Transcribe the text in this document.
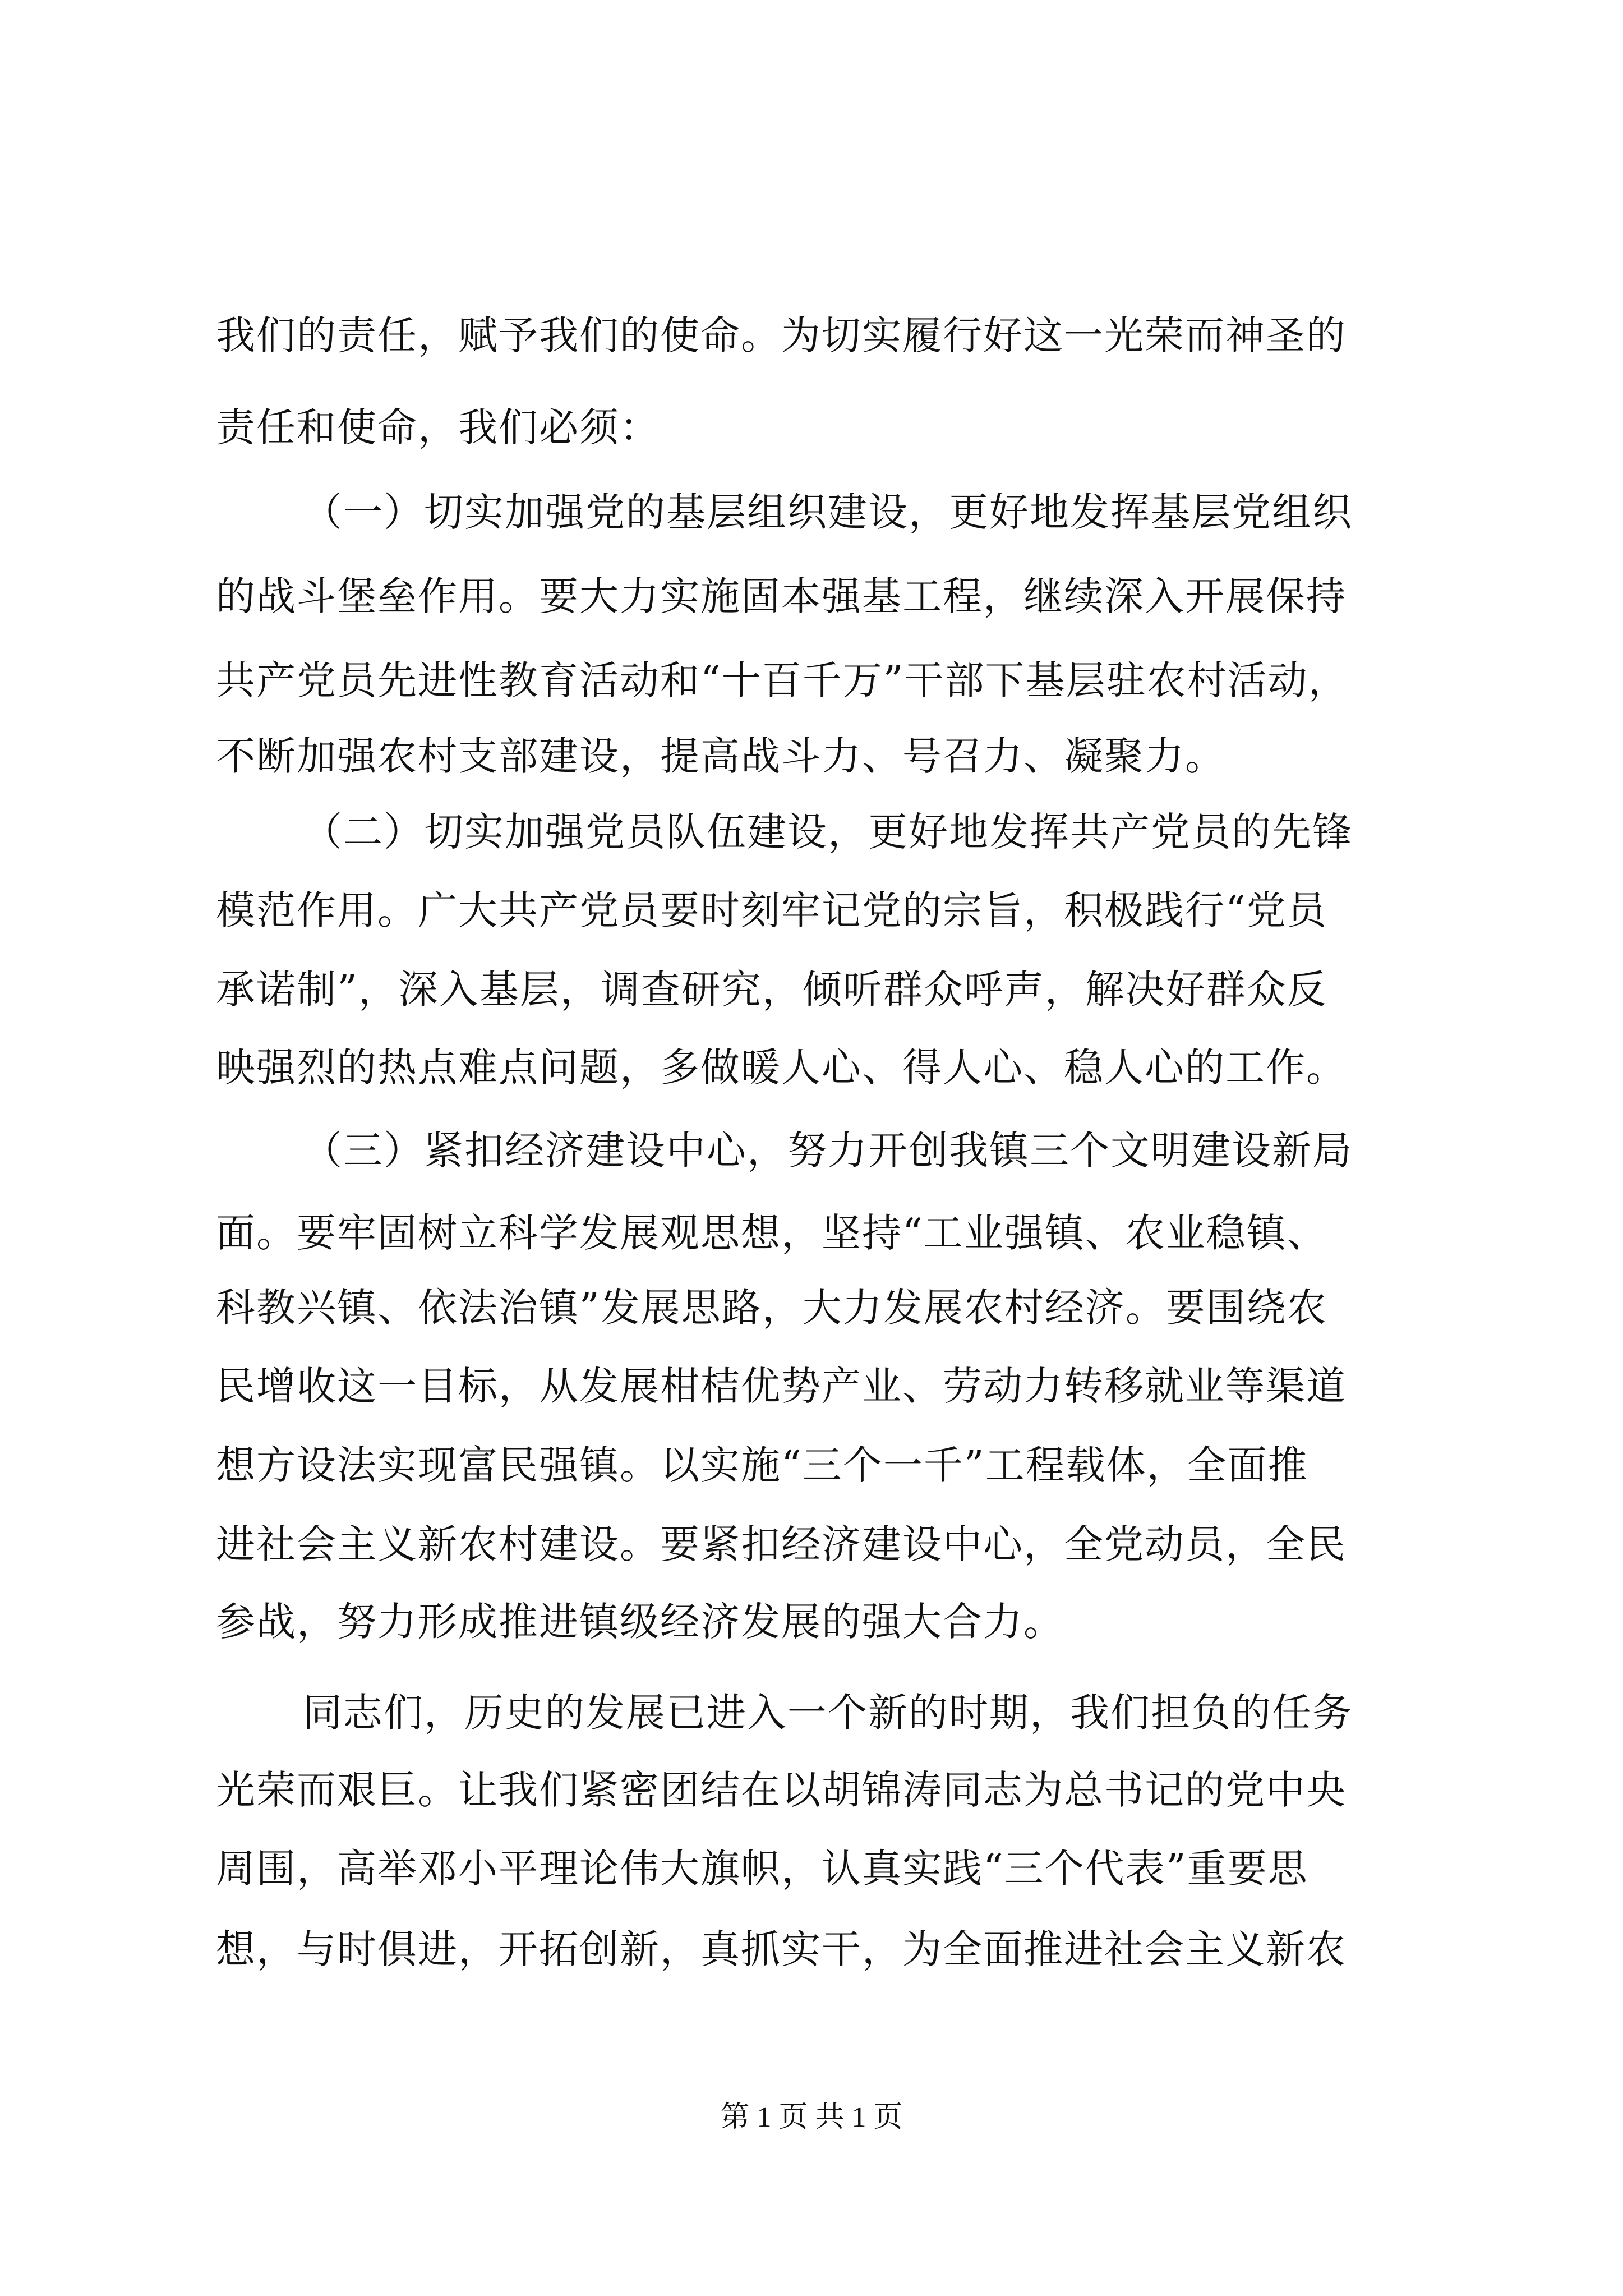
我们的责任，赋予我们的使命。为切实履行好这一光荣而神圣的
责任和使命，我们必须：
（一）切实加强党的基层组织建设，更好地发挥基层党组织
的战斗堡垒作用。要大力实施固本强基工程，继续深入开展保持
共产党员先进性教育活动和“十百千万”干部下基层驻农村活动，
不断加强农村支部建设，提高战斗力、号召力、凝聚力。
（二）切实加强党员队伍建设，更好地发挥共产党员的先锋
模范作用。广大共产党员要时刻牢记党的宗旨，积极践行“党员
承诺制”，深入基层，调查研究，倾听群众呼声，解决好群众反
映强烈的热点难点问题，多做暖人心、得人心、稳人心的工作。
（三）紧扣经济建设中心，努力开创我镇三个文明建设新局
面。要牢固树立科学发展观思想，坚持“工业强镇、农业稳镇、
科教兴镇、依法治镇”发展思路，大力发展农村经济。要围绕农
民增收这一目标，从发展柑桔优势产业、劳动力转移就业等渠道
想方设法实现富民强镇。以实施“三个一千”工程载体，全面推
进社会主义新农村建设。要紧扣经济建设中心，全党动员，全民
参战，努力形成推进镇级经济发展的强大合力。
同志们，历史的发展已进入一个新的时期，我们担负的任务
光荣而艰巨。让我们紧密团结在以胡锦涛同志为总书记的党中央
周围，高举邓小平理论伟大旗帜，认真实践“三个代表”重要思
想，与时俱进，开拓创新，真抓实干，为全面推进社会主义新农
第 1 页 共 1 页
